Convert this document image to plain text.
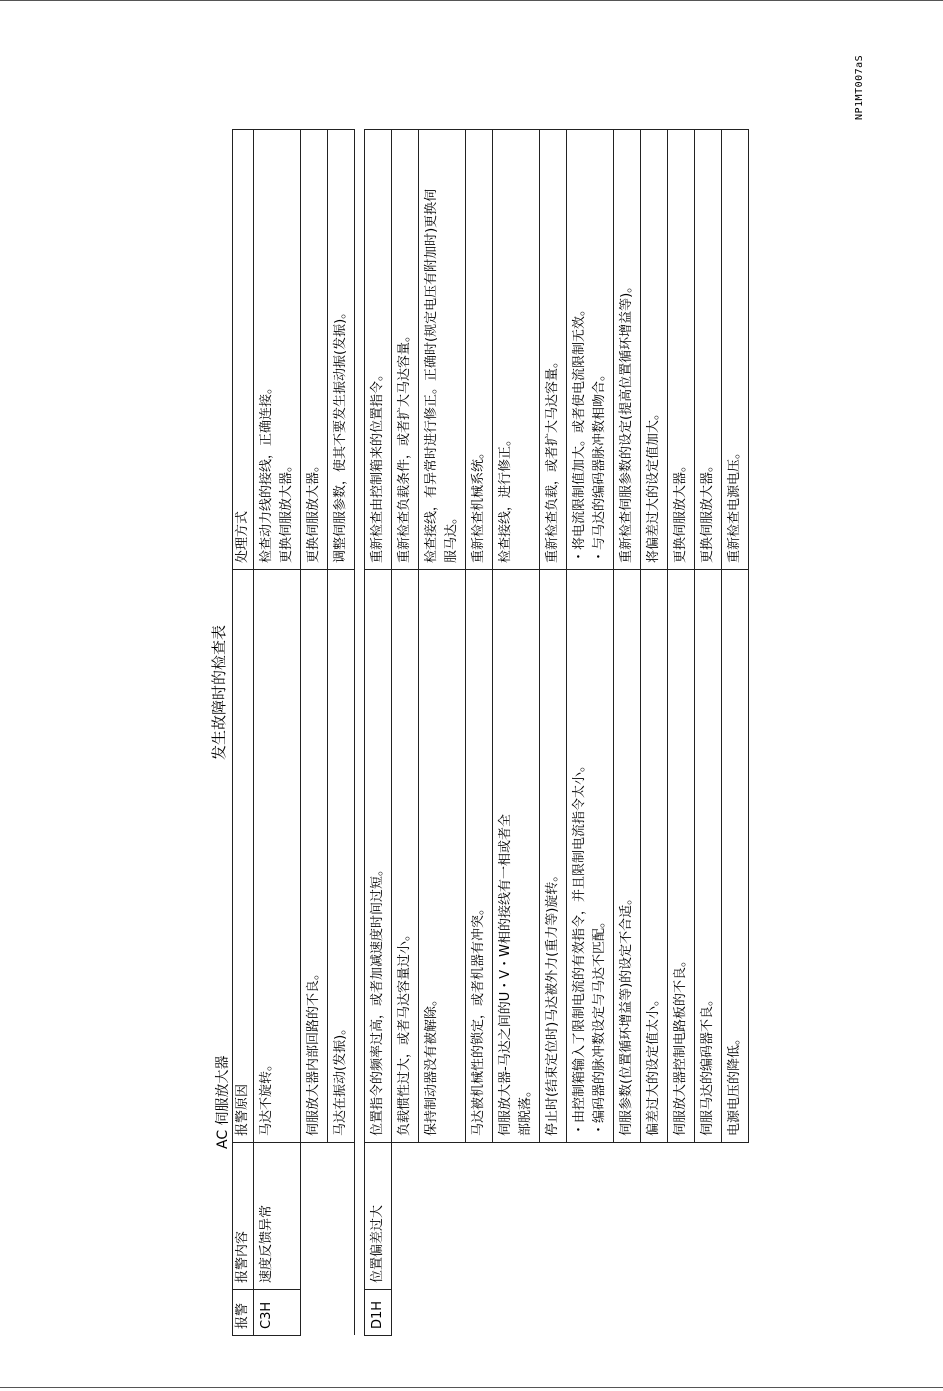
发生故障时的检查表
AC 伺服放大器
NP1MT007aS
报警	报警内容	报警原因	处理方式
C3H	速度反馈异常	马达不旋转。	检查动力线的接线，正确连接。 更换伺服放大器。

		伺服放大器内部回路的不良。	更换伺服放大器。

		马达在振动(发振)。	调整伺服参数，使其不要发生振动振(发振)。

D1H	位置偏差过大	位置指令的频率过高，或者加减速度时间过短。	重新检查由控制箱来的位置指令。

		负载惯性过大，或者马达容量过小。	重新检查负载条件，或者扩大马达容量。

		保持制动器没有被解除。	检查接线，有异常时进行修正。正确时(规定电压有附加时)更换伺 服马达。

		马达被机械性的锁定，或者机器有冲突。	重新检查机械系统。

		伺服放大器-马达之间的U・V・W相的接线有一相或者全 部脱落。	检查接线，进行修正。

		停止时(结束定位时)马达被外力(重力等)旋转。	重新检查负载，或者扩大马达容量。

		・由控制箱输入了限制电流的有效指令，并且限制电流指令太小。 ・编码器的脉冲数设定与马达不匹配。	・将电流限制值加大。或者使电流限制无效。 ・与马达的编码器脉冲数相吻合。

		伺服参数(位置循环增益等)的设定不合适。	重新检查伺服参数的设定(提高位置循环增益等)。

		偏差过大的设定值太小。	将偏差过大的设定值加大。

		伺服放大器控制电路板的不良。	更换伺服放大器。

		伺服马达的编码器不良。	更换伺服放大器。

		电源电压的降低。	重新检查电源电压。
